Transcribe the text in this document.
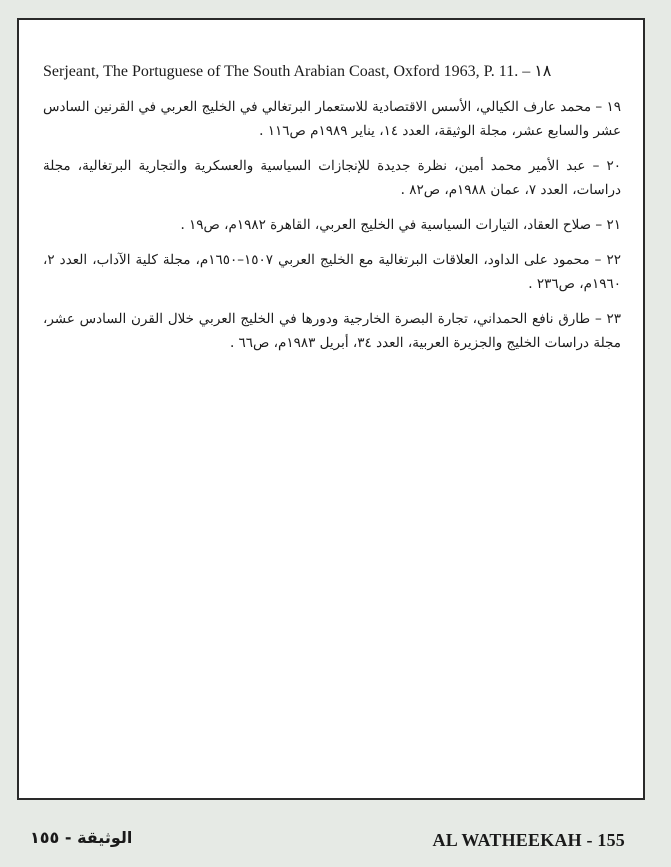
Serjeant, The Portuguese of The South Arabian Coast, Oxford 1963, P. 11. – ١٨
١٩ – محمد عارف الكيالي، الأسس الاقتصادية للاستعمار البرتغالي في الخليج العربي في القرنين السادس عشر والسابع عشر، مجلة الوثيقة، العدد ١٤، يناير ١٩٨٩م ص١١٦ .
٢٠ – عبد الأمير محمد أمين، نظرة جديدة للإنجازات السياسية والعسكرية والتجارية البرتغالية، مجلة دراسات، العدد ٧، عمان ١٩٨٨م، ص٨٢ .
٢١ – صلاح العقاد، التيارات السياسية في الخليج العربي، القاهرة ١٩٨٢م، ص١٩ .
٢٢ – محمود على الداود، العلاقات البرتغالية مع الخليج العربي ١٥٠٧–١٦٥٠م، مجلة كلية الآداب، العدد ٢، ١٩٦٠م، ص٢٣٦ .
٢٣ – طارق نافع الحمداني، تجارة البصرة الخارجية ودورها في الخليج العربي خلال القرن السادس عشر، مجلة دراسات الخليج والجزيرة العربية، العدد ٣٤، أبريل ١٩٨٣م، ص٦٦ .
الوثيقة - ١٥٥	AL WATHEEKAH - 155
